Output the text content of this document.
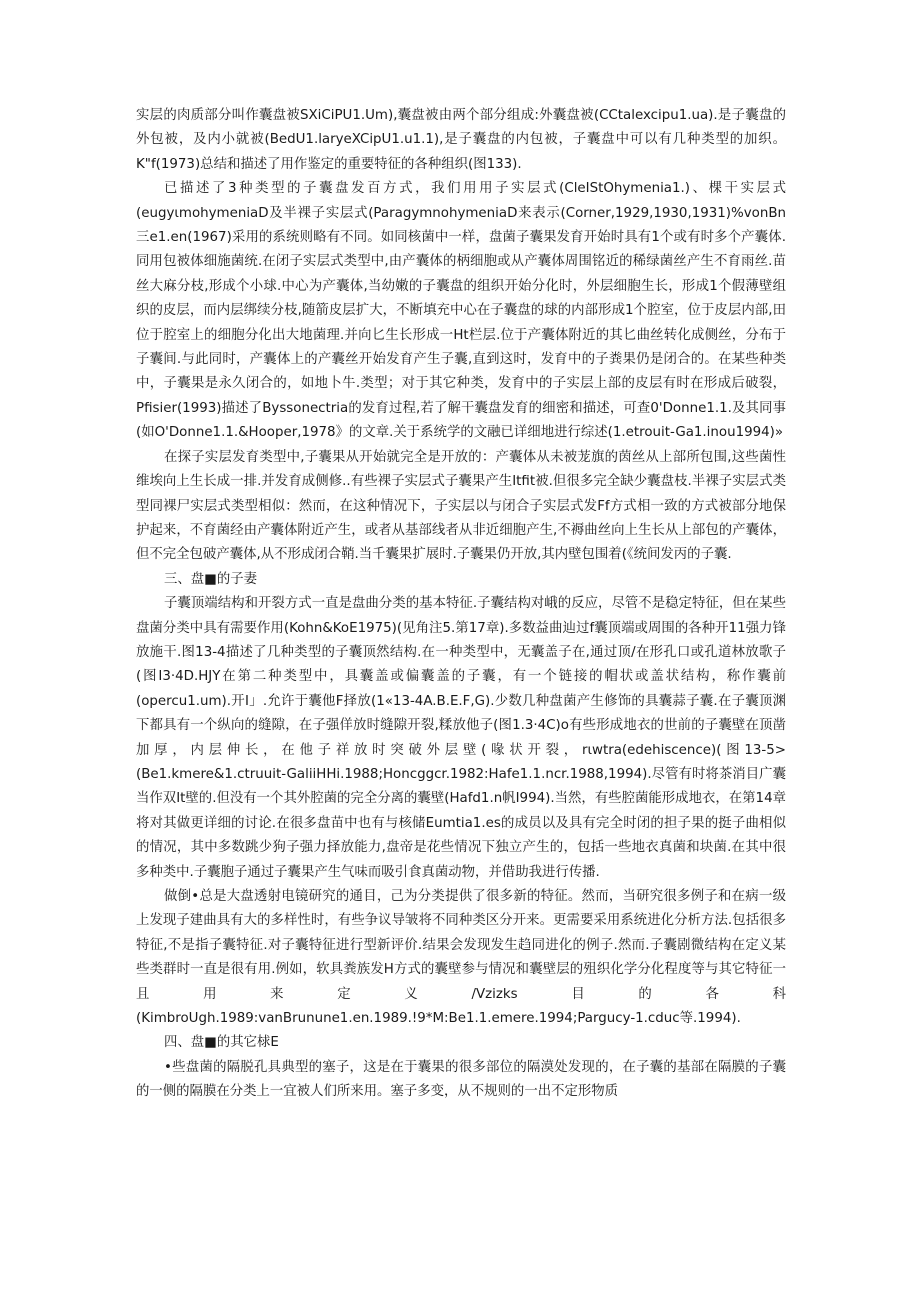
实层的肉质部分叫作囊盘被SXiCiPU1.Um),囊盘被由两个部分组成:外囊盘被(CCtalexcipu1.ua).是子囊盘的外包被，及内小就被(BedU1.laryeXCipU1.u1.1),是子囊盘的内包被，子囊盘中可以有几种类型的加织。K"f(1973)总结和描述了用作鉴定的重要特征的各种组织(图133).

已描述了3种类型的子囊盘发百方式，我们用用子实层式(CleIStOhymenia1.)、棵干实层式(eugyιmohymeniaD及半裸子实层式(ParagymnohymeniaD来表示(Corner,1929,1930,1931)%vonBn三e1.en(1967)采用的系统则略有不同。如同核菌中一样，盘菌子囊果发育开始时具有1个或有时多个产囊体.同用包被体细施菌统.在闭子实层式类型中,由产囊体的柄细胞或从产囊体周围铭近的稀绿菌丝产生不育雨丝.苗丝大麻分枝,形成个小球.中心为产囊体,当幼嫩的子囊盘的组织开始分化时，外层细胞生长，形成1个假薄壁组织的皮层，而内层绑续分枝,随箭皮层扩大，不断填充中心在子囊盘的球的内部形成1个腔室，位于皮层内部,田位于腔室上的细胞分化出大地菌理.并向匕生长形成一Ht栏层.位于产囊体附近的其匕曲丝转化成侧丝，分布于子囊间.与此同时，产囊体上的产囊丝开始发育产生子囊,直到这时，发育中的子粪果仍是闭合的。在某些种类中，子囊果是永久闭合的，如地卜牛.类型；对于其它种类，发育中的子实层上部的皮层有时在形成后破裂，Pfisier(1993)描述了Byssonectria的发育过程,若了解干囊盘发育的细密和描述，可查0'Donne1.1.及其同事(如O'Donne1.1.&Hooper,1978》的文章.关于系统学的文融已详细地进行综述(1.etrouit-Ga1.inou1994)»

在探子实层发育类型中,子囊果从开始就完全是开放的：产囊体从未被茏旗的茵丝从上部所包围,这些菌性维埃向上生长成一排.并发育成侧修..有些裸子实层式子囊果产生Itfit被.但很多完全缺少囊盘枝.半裸子实层式类型同裸尸实层式类型相似：然而，在这种情况下，子实层以与闭合子实层式发Ff方式相一致的方式被部分地保护起来，不育菌经由产囊体附近产生，或者从基部线者从非近细胞产生,不褥曲丝向上生长从上部包的产囊体，但不完全包破产囊体,从不形成闭合鞘.当千囊果扩展时.子囊果仍开放,其内壁包围着(《统间发丙的子囊.

三、盘■的子妻

子囊顶端结构和开裂方式一直是盘曲分类的基本特征.子囊结构对峨的反应，尽管不是稳定特征，但在某些盘菌分类中具有需要作用(Kohn&KoE1975)(见角注5.第17章).多数益曲辿过f囊顶端或周围的各种开11强力锋放施干.图13-4描述了几种类型的子囊顶然结构.在一种类型中，无囊盖子在,通过顶/在形孔口或孔道林放歌子(图I3·4D.HJY在第二种类型中，具囊盖或偏囊盖的子囊，有一个链接的帽状或盖状结构，称作囊前(opercu1.um).开I」.允许于囊他F择放(1«13-4A.B.E.F,G).少数几种盘菌产生修饰的具囊蒜子囊.在子囊顶渊下都具有一个纵向的缝隙，在子强佯放时缝隙开裂,糅放他子(图1.3·4C)o有些形成地衣的世前的子囊壁在顶凿加厚，内层伸长，在他子祥放时突破外层壁(喙状开裂，rιwtra(edehiscence)(图13-5>(Be1.kmere&1.ctruuit-GaliiHHi.1988;Honcggcr.1982:Hafe1.1.ncr.1988,1994).尽管有时将茶消目广囊当作双It壁的.但没有一个其外腔菌的完全分离的囊壁(Hafd1.n帆I994).当然，有些腔菌能形成地衣，在第14章将对其做更详细的讨论.在很多盘苗中也有与核储Eumtia1.es的成员以及具有完全时闭的担子果的挺子曲相似的情况，其中多数跳少狗子强力择放能力,盘帝是花些情况下独立产生的，包括一些地衣真菌和块菌.在其中很多种类中.子囊胞子通过子囊果产生气味而吸引食真菌动物，并借助我进行传播.

做倒•总是大盘透射电镜研究的通目，己为分类提供了很多新的特征。然而，当研究很多例子和在病一级上发现子建曲具有大的多样性时，有些争议导皱将不同种类区分开来。更需要采用系统进化分析方法.包括很多特征,不是指子囊特征.对子囊特征进行型新评价.结果会发现发生趋同进化的例子.然而.子囊剧微结构在定义某些类群时一直是很有用.例如，软具粪族发H方式的囊壁参与情况和囊壁层的殂织化学分化程度等与其它特征一且用来定义/Vzizks目的各科(KimbroUgh.1989:vanBrunune1.en.1989.!9*M:Be1.1.emere.1994;Pargucy-1.cduc等.1994).

四、盘■的其它梂E

•些盘菌的隔脱孔具典型的塞子，这是在于囊果的很多部位的隔漠处发现的，在子囊的基部在隔膜的子囊的一侧的隔膜在分类上一宜被人们所来用。塞子多变，从不规则的一出不定形物质
